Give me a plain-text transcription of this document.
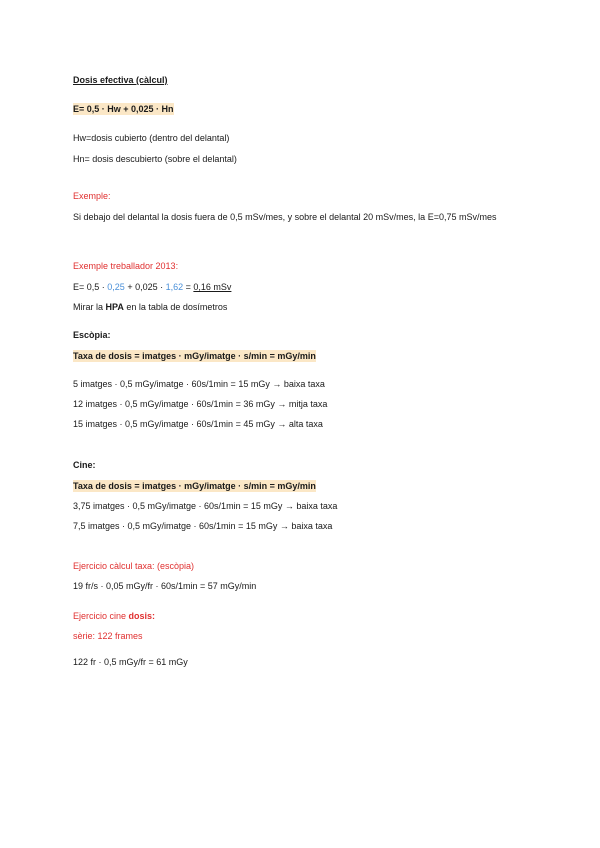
Dosis efectiva (càlcul)
E= 0,5 · Hw + 0,025 · Hn
Hw=dosis cubierto (dentro del delantal)
Hn= dosis descubierto (sobre el delantal)
Exemple:
Si debajo del delantal la dosis fuera de 0,5 mSv/mes, y sobre el delantal 20 mSv/mes, la E=0,75 mSv/mes
Exemple treballador 2013:
E= 0,5 · 0,25 + 0,025 · 1,62 = 0,16 mSv
Mirar la HPA en la tabla de dosímetros
Escòpia:
Taxa de dosis = imatges · mGy/imatge · s/min = mGy/min
5 imatges · 0,5 mGy/imatge · 60s/1min = 15 mGy → baixa taxa
12 imatges · 0,5 mGy/imatge · 60s/1min = 36 mGy → mitja taxa
15 imatges · 0,5 mGy/imatge · 60s/1min = 45 mGy → alta taxa
Cine:
Taxa de dosis = imatges · mGy/imatge · s/min = mGy/min
3,75 imatges · 0,5 mGy/imatge · 60s/1min = 15 mGy → baixa taxa
7,5 imatges · 0,5 mGy/imatge · 60s/1min = 15 mGy → baixa taxa
Ejercicio càlcul taxa: (escòpia)
19 fr/s · 0,05 mGy/fr · 60s/1min = 57 mGy/min
Ejercicio cine dosis:
sèrie: 122 frames
122 fr · 0,5 mGy/fr = 61 mGy
